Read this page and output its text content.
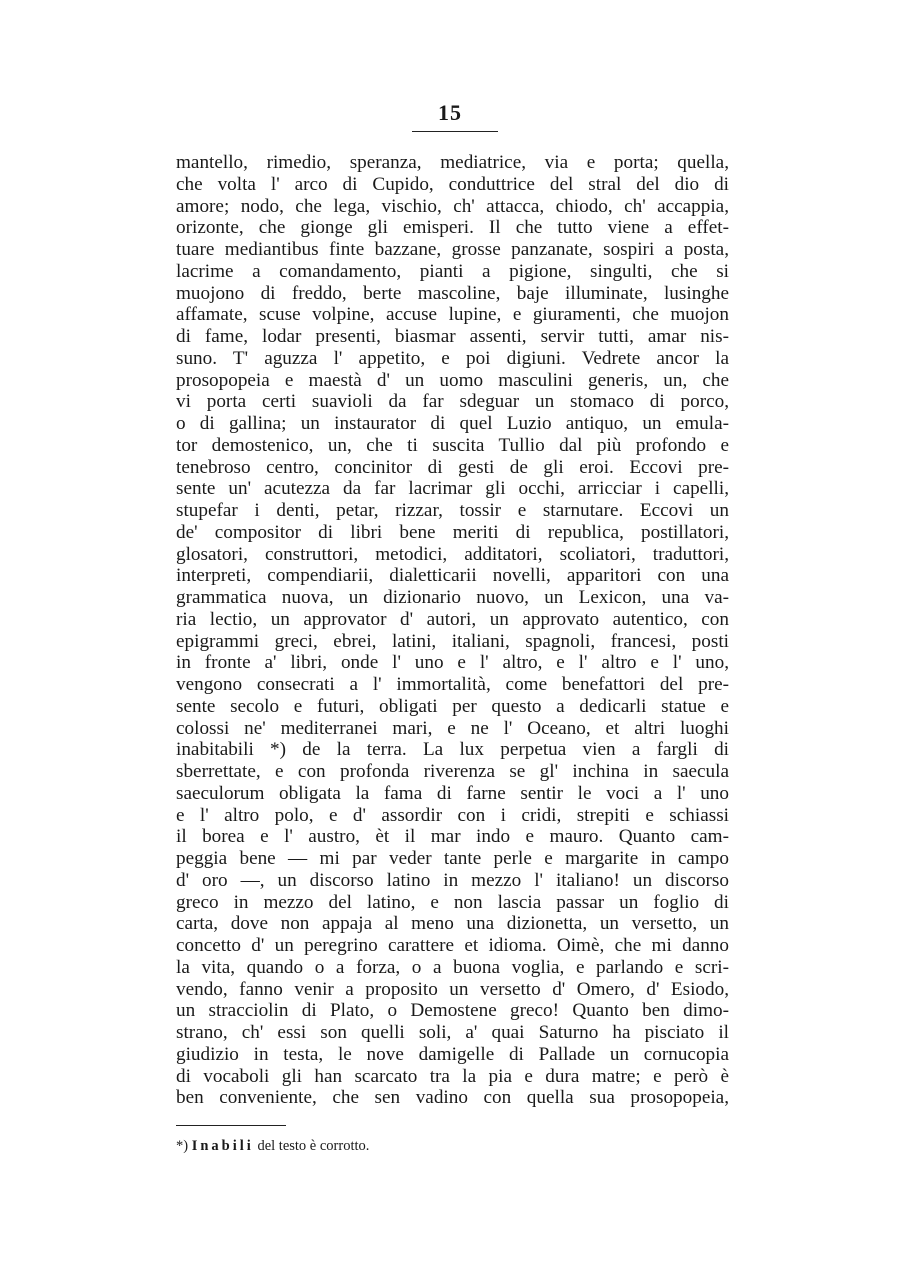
15
mantello, rimedio, speranza, mediatrice, via e porta; quella,
che volta l' arco di Cupido, conduttrice del stral del dio di
amore; nodo, che lega, vischio, ch' attacca, chiodo, ch' accappia,
orizonte, che gionge gli emisperi. Il che tutto viene a effet-
tuare mediantibus finte bazzane, grosse panzanate, sospiri a posta,
lacrime a comandamento, pianti a pigione, singulti, che si
muojono di freddo, berte mascoline, baje illuminate, lusinghe
affamate, scuse volpine, accuse lupine, e giuramenti, che muojon
di fame, lodar presenti, biasmar assenti, servir tutti, amar nis-
suno. T' aguzza l' appetito, e poi digiuni. Vedrete ancor la
prosopopeia e maestà d' un uomo masculini generis, un, che
vi porta certi suavioli da far sdeguar un stomaco di porco,
o di gallina; un instaurator di quel Luzio antiquo, un emula-
tor demostenico, un, che ti suscita Tullio dal più profondo e
tenebroso centro, concinitor di gesti de gli eroi. Eccovi pre-
sente un' acutezza da far lacrimar gli occhi, arricciar i capelli,
stupefar i denti, petar, rizzar, tossir e starnutare. Eccovi un
de' compositor di libri bene meriti di republica, postillatori,
glosatori, construttori, metodici, additatori, scoliatori, traduttori,
interpreti, compendiarii, dialetticarii novelli, apparitori con una
grammatica nuova, un dizionario nuovo, un Lexicon, una va-
ria lectio, un approvator d' autori, un approvato autentico, con
epigrammi greci, ebrei, latini, italiani, spagnoli, francesi, posti
in fronte a' libri, onde l' uno e l' altro, e l' altro e l' uno,
vengono consecrati a l' immortalità, come benefattori del pre-
sente secolo e futuri, obligati per questo a dedicarli statue e
colossi ne' mediterranei mari, e ne l' Oceano, et altri luoghi
inabitabili *) de la terra. La lux perpetua vien a fargli di
sberrettate, e con profonda riverenza se gl' inchina in saecula
saeculorum obligata la fama di farne sentir le voci a l' uno
e l' altro polo, e d' assordir con i cridi, strepiti e schiassi
il borea e l' austro, èt il mar indo e mauro. Quanto cam-
peggia bene — mi par veder tante perle e margarite in campo
d' oro —, un discorso latino in mezzo l' italiano! un discorso
greco in mezzo del latino, e non lascia passar un foglio di
carta, dove non appaja al meno una dizionetta, un versetto, un
concetto d' un peregrino carattere et idioma. Oimè, che mi danno
la vita, quando o a forza, o a buona voglia, e parlando e scri-
vendo, fanno venir a proposito un versetto d' Omero, d' Esiodo,
un stracciolin di Plato, o Demostene greco! Quanto ben dimo-
strano, ch' essi son quelli soli, a' quai Saturno ha pisciato il
giudizio in testa, le nove damigelle di Pallade un cornucopia
di vocaboli gli han scarcato tra la pia e dura matre; e però è
ben conveniente, che sen vadino con quella sua prosopopeia,
*) Inabili del testo è corrotto.
